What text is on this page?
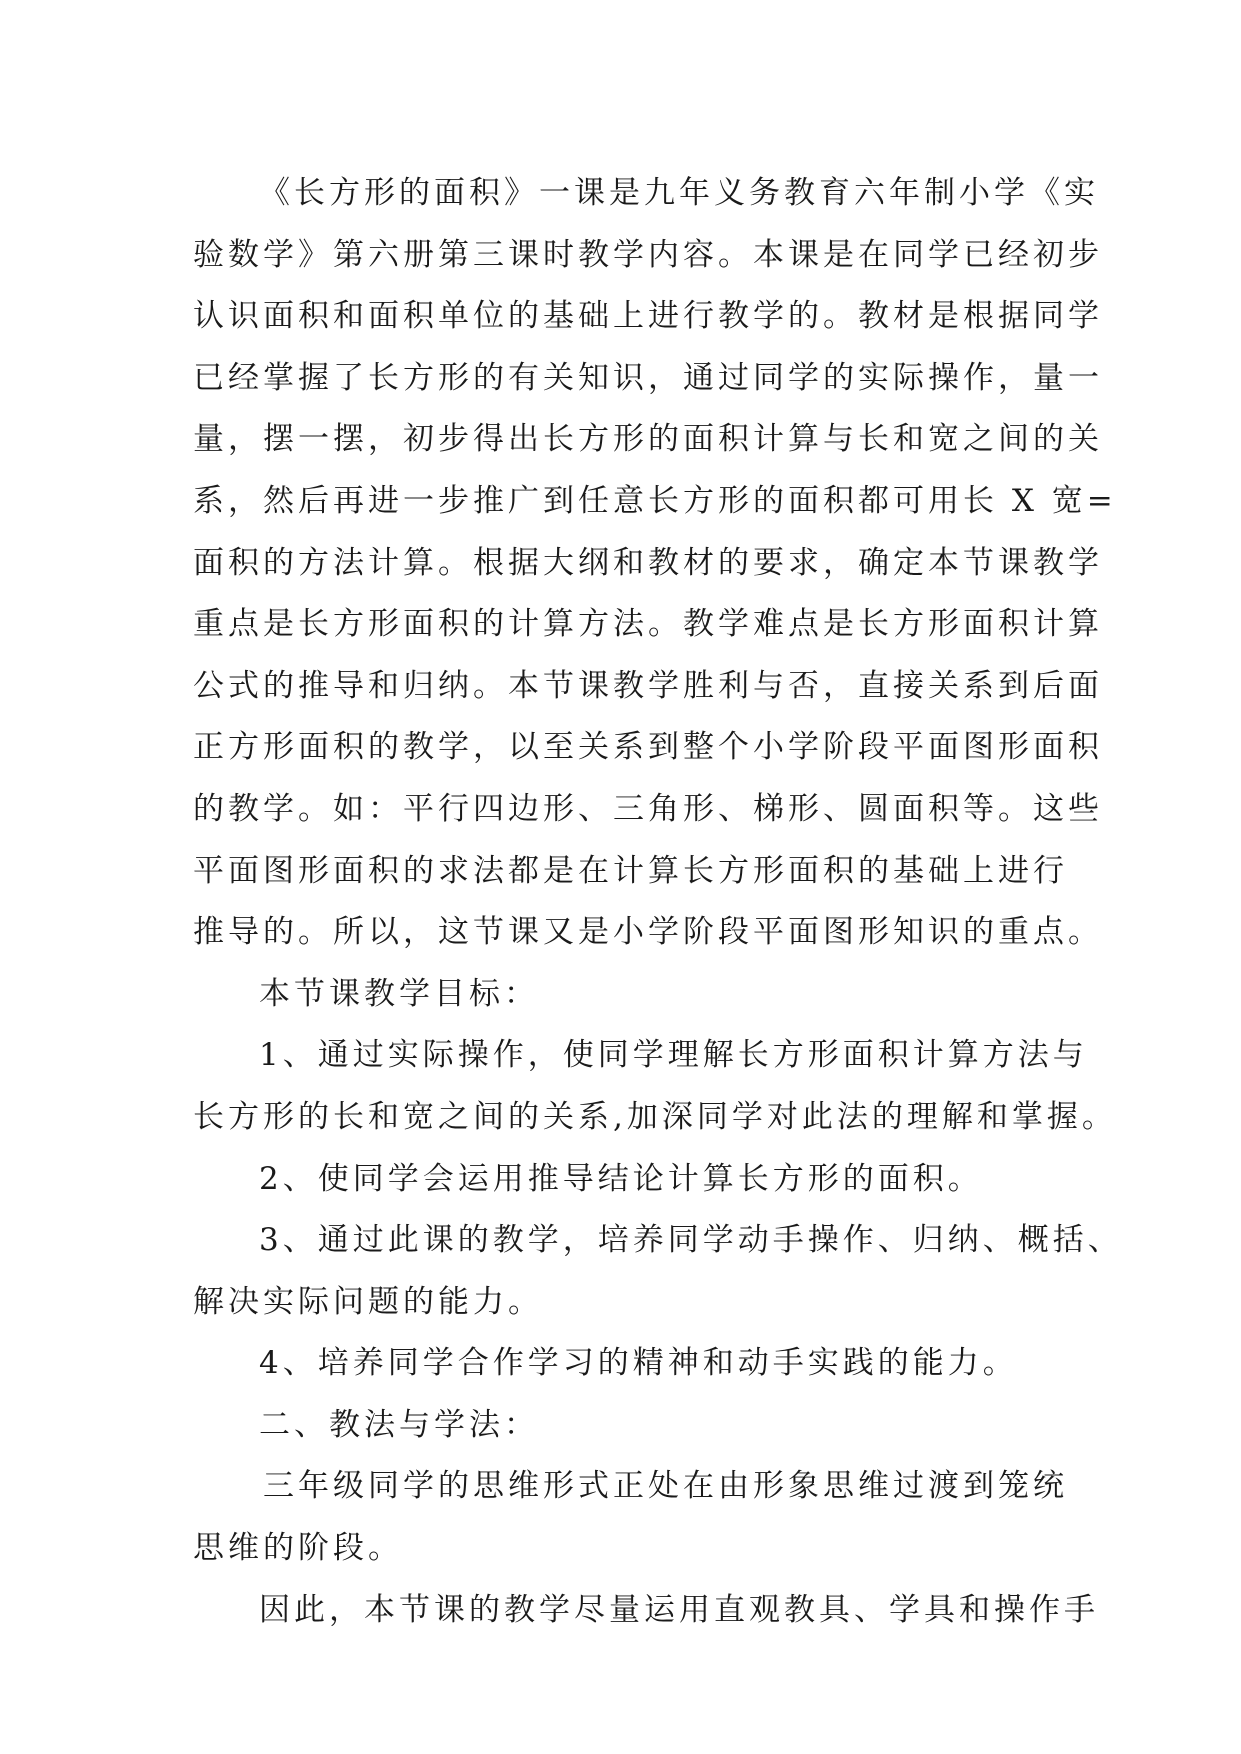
《长方形的面积》一课是九年义务教育六年制小学《实
验数学》第六册第三课时教学内容。本课是在同学已经初步
认识面积和面积单位的基础上进行教学的。教材是根据同学
已经掌握了长方形的有关知识，通过同学的实际操作，量一
量，摆一摆，初步得出长方形的面积计算与长和宽之间的关
系，然后再进一步推广到任意长方形的面积都可用长 X 宽=
面积的方法计算。根据大纲和教材的要求，确定本节课教学
重点是长方形面积的计算方法。教学难点是长方形面积计算
公式的推导和归纳。本节课教学胜利与否，直接关系到后面
正方形面积的教学，以至关系到整个小学阶段平面图形面积
的教学。如：平行四边形、三角形、梯形、圆面积等。这些
平面图形面积的求法都是在计算长方形面积的基础上进行
推导的。所以，这节课又是小学阶段平面图形知识的重点。
本节课教学目标：
1、通过实际操作，使同学理解长方形面积计算方法与
长方形的长和宽之间的关系,加深同学对此法的理解和掌握。
2、使同学会运用推导结论计算长方形的面积。
3、通过此课的教学，培养同学动手操作、归纳、概括、
解决实际问题的能力。
4、培养同学合作学习的精神和动手实践的能力。
二、教法与学法：
三年级同学的思维形式正处在由形象思维过渡到笼统
思维的阶段。
因此，本节课的教学尽量运用直观教具、学具和操作手
